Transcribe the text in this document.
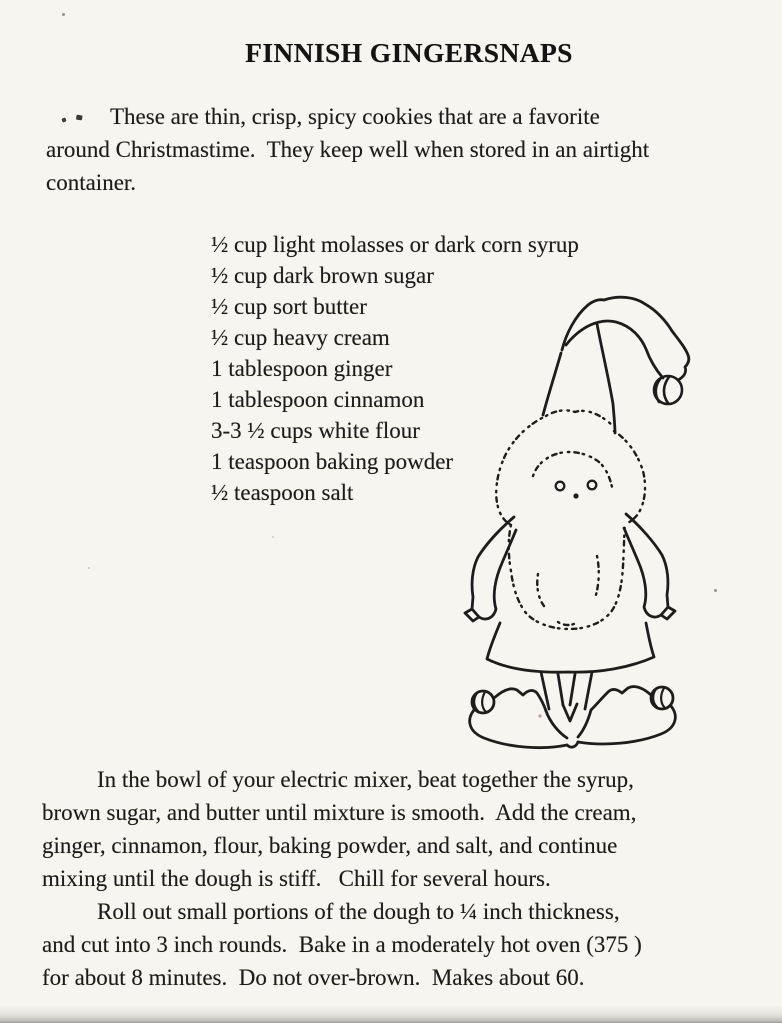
FINNISH GINGERSNAPS
These are thin, crisp, spicy cookies that are a favorite
around Christmastime.  They keep well when stored in an airtight
container.
½ cup light molasses or dark corn syrup
½ cup dark brown sugar
½ cup sort butter
½ cup heavy cream
1 tablespoon ginger
1 tablespoon cinnamon
3-3 ½ cups white flour
1 teaspoon baking powder
½ teaspoon salt
In the bowl of your electric mixer, beat together the syrup,
brown sugar, and butter until mixture is smooth.  Add the cream,
ginger, cinnamon, flour, baking powder, and salt, and continue
mixing until the dough is stiff.   Chill for several hours.
Roll out small portions of the dough to ¼ inch thickness,
and cut into 3 inch rounds.  Bake in a moderately hot oven (375 )
for about 8 minutes.  Do not over-brown.  Makes about 60.
